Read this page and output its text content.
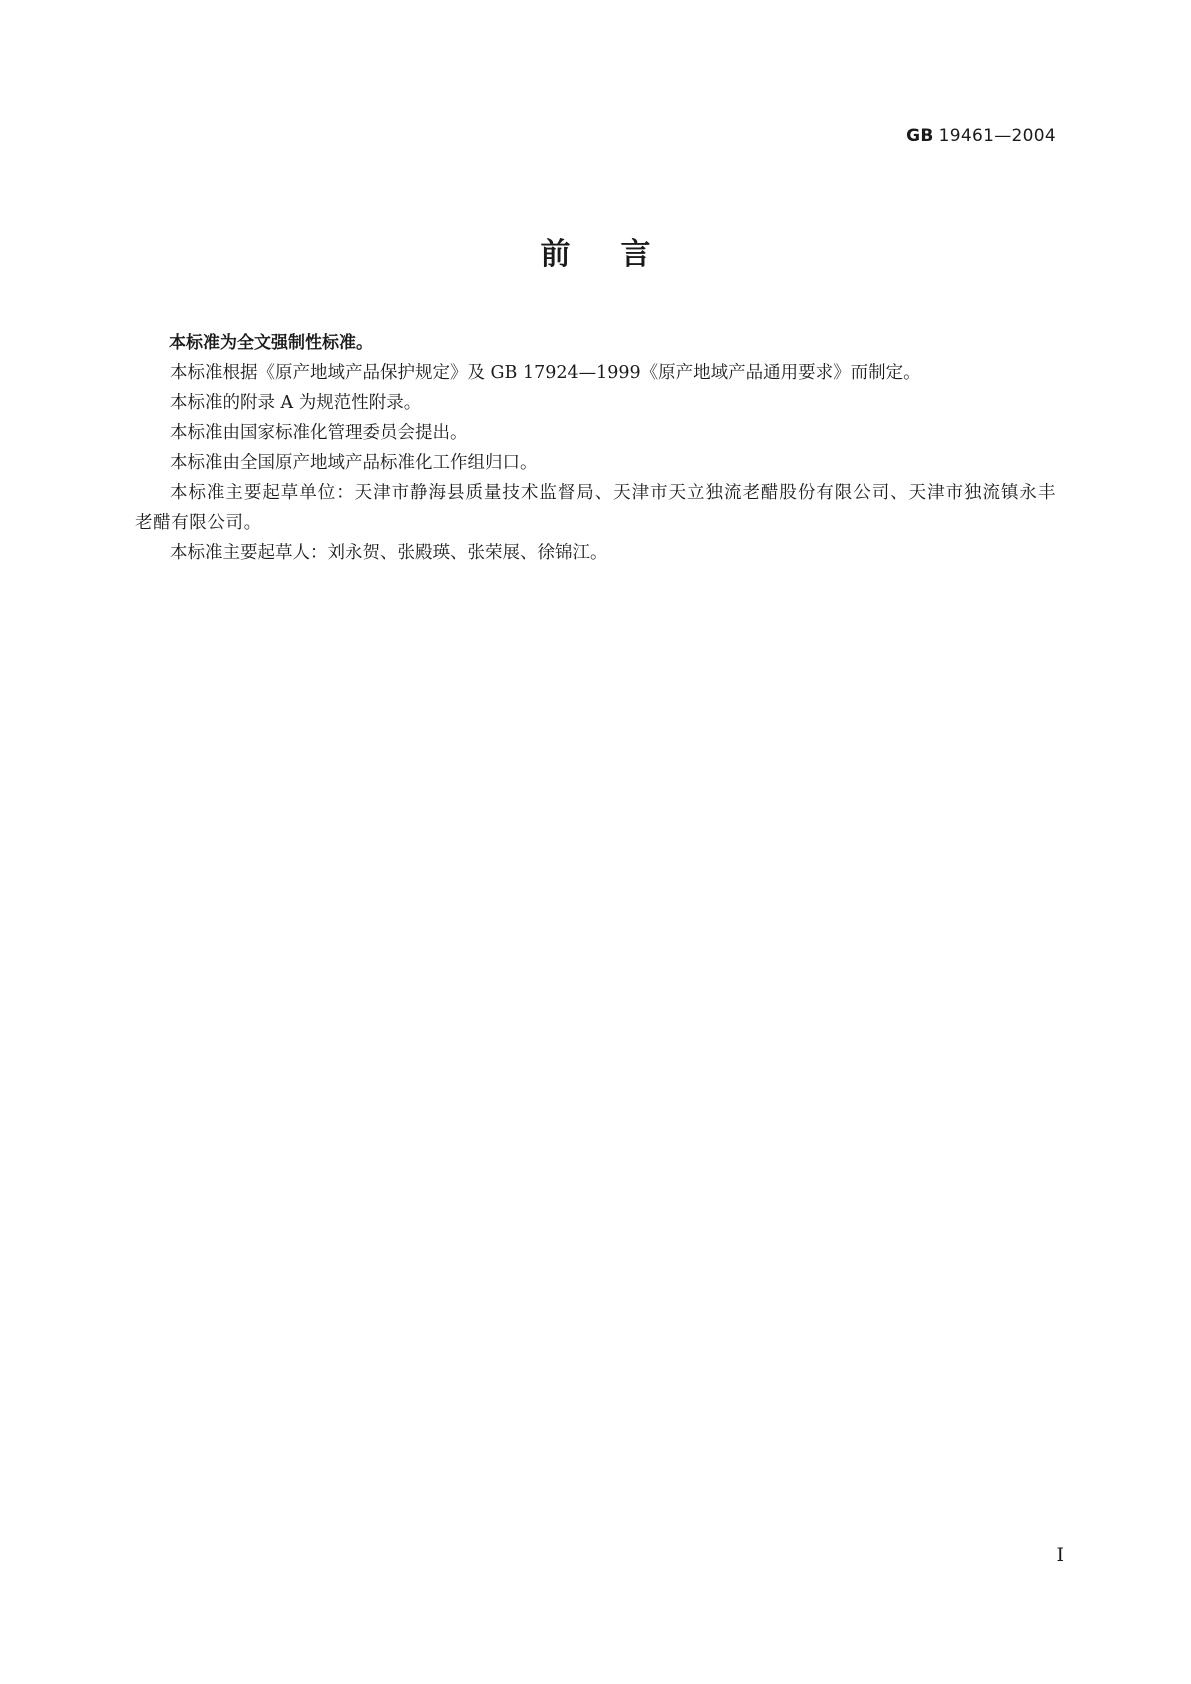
GB 19461—2004
前言

本标准为全文强制性标准。

本标准根据《原产地域产品保护规定》及 GB 17924—1999《原产地域产品通用要求》而制定。

本标准的附录 A 为规范性附录。

本标准由国家标准化管理委员会提出。

本标准由全国原产地域产品标准化工作组归口。

本标准主要起草单位：天津市静海县质量技术监督局、天津市天立独流老醋股份有限公司、天津市独流镇永丰老醋有限公司。

本标准主要起草人：刘永贺、张殿瑛、张荣展、徐锦江。

I
